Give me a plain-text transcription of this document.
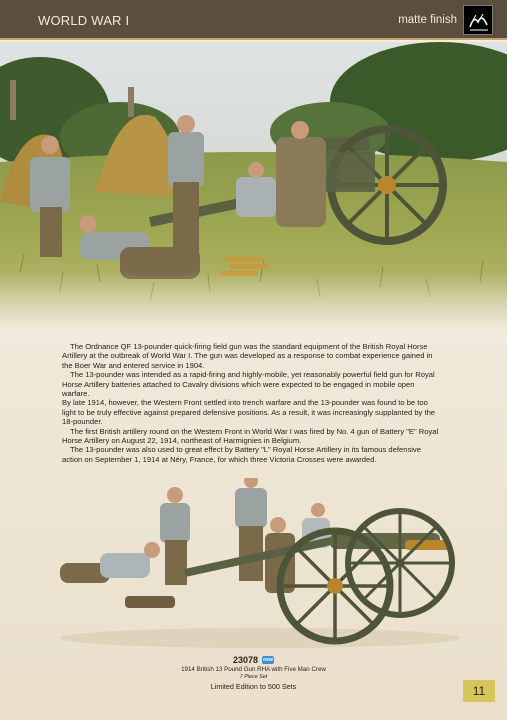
WORLD WAR I	matte finish

The Ordnance QF 13-pounder quick-firing field gun was the standard equipment of the British Royal Horse Artillery at the outbreak of World War I. The gun was developed as a response to combat experience gained in the Boer War and entered service in 1904.

The 13-pounder was intended as a rapid-firing and highly-mobile, yet reasonably powerful field gun for Royal Horse Artillery batteries attached to Cavalry divisions which were expected to be engaged in mobile open warfare.

By late 1914, however, the Western Front settled into trench warfare and the 13-pounder was found to be too light to be truly effective against prepared defensive positions. As a result, it was increasingly supplanted by the 18-pounder.

The first British artillery round on the Western Front in World War I was fired by No. 4 gun of Battery "E" Royal Horse Artillery on August 22, 1914, northeast of Harmignies in Belgium.

The 13-pounder was also used to great effect by Battery "L" Royal Horse Artillery in its famous defensive action on September 1, 1914 at Néry, France, for which three Victoria Crosses were awarded.

23078 new
1914 British 13 Pound Gun RHA with Five Man Crew
7 Piece Set
Limited Edition to 500 Sets	11
